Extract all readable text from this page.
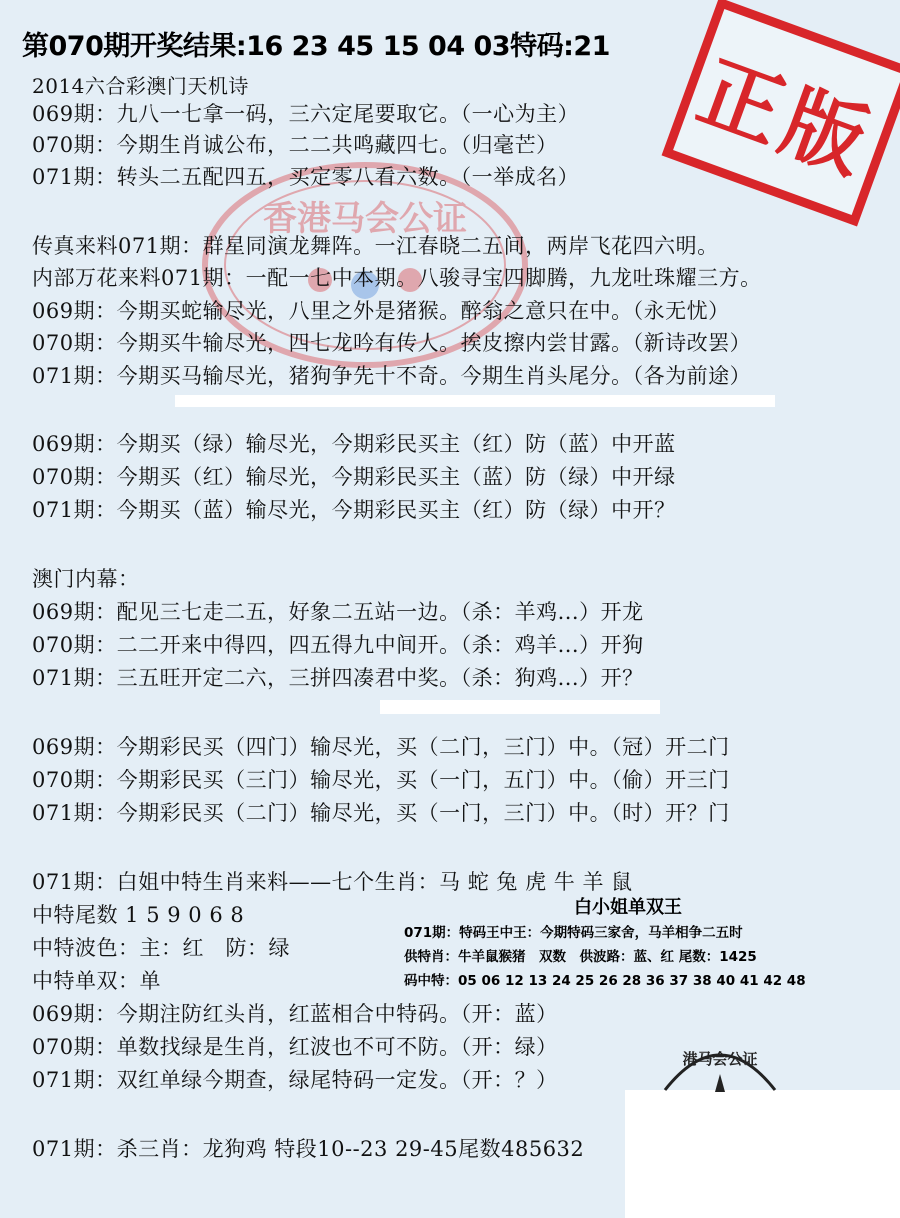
香港马会公证
正版
第070期开奖结果:16 23 45 15 04 03特码:21
2014六合彩澳门天机诗
069期：九八一七拿一码，三六定尾要取它。（一心为主）
070期：今期生肖诚公布，二二共鸣藏四七。（归毫芒）
071期：转头二五配四五，买定零八看六数。（一举成名）
传真来料071期：群星同演龙舞阵。一江春晓二五间，两岸飞花四六明。
内部万花来料071期：一配一七中本期。八骏寻宝四脚腾，九龙吐珠耀三方。
069期：今期买蛇输尽光，八里之外是猪猴。醉翁之意只在中。（永无忧）
070期：今期买牛输尽光，四七龙吟有传人。挨皮擦内尝甘露。（新诗改罢）
071期：今期买马输尽光，猪狗争先十不奇。今期生肖头尾分。（各为前途）
069期：今期买（绿）输尽光，今期彩民买主（红）防（蓝）中开蓝
070期：今期买（红）输尽光，今期彩民买主（蓝）防（绿）中开绿
071期：今期买（蓝）输尽光，今期彩民买主（红）防（绿）中开？
澳门内幕：
069期：配见三七走二五，好象二五站一边。（杀：羊鸡...）开龙
070期：二二开来中得四，四五得九中间开。（杀：鸡羊...）开狗
071期：三五旺开定二六，三拼四凑君中奖。（杀：狗鸡...）开？
069期：今期彩民买（四门）输尽光，买（二门，三门）中。（冠）开二门
070期：今期彩民买（三门）输尽光，买（一门，五门）中。（偷）开三门
071期：今期彩民买（二门）输尽光，买（一门，三门）中。（时）开？门
071期：白姐中特生肖来料——七个生肖：马 蛇 兔 虎 牛 羊 鼠
中特尾数 1 5 9 0 6 8
中特波色：主：红　防：绿
中特单双：单
069期：今期注防红头肖，红蓝相合中特码。（开：蓝）
070期：单数找绿是生肖，红波也不可不防。（开：绿）
071期：双红单绿今期查，绿尾特码一定发。（开：？）
港马会公证
071期：杀三肖：龙狗鸡 特段10--23 29-45尾数485632
白小姐单双王
071期：特码王中王：今期特码三家舍，马羊相争二五时
供特肖：牛羊鼠猴猪　双数　供波路：蓝、红 尾数：1425
码中特：05 06 12 13 24 25 26 28 36 37 38 40 41 42 48
